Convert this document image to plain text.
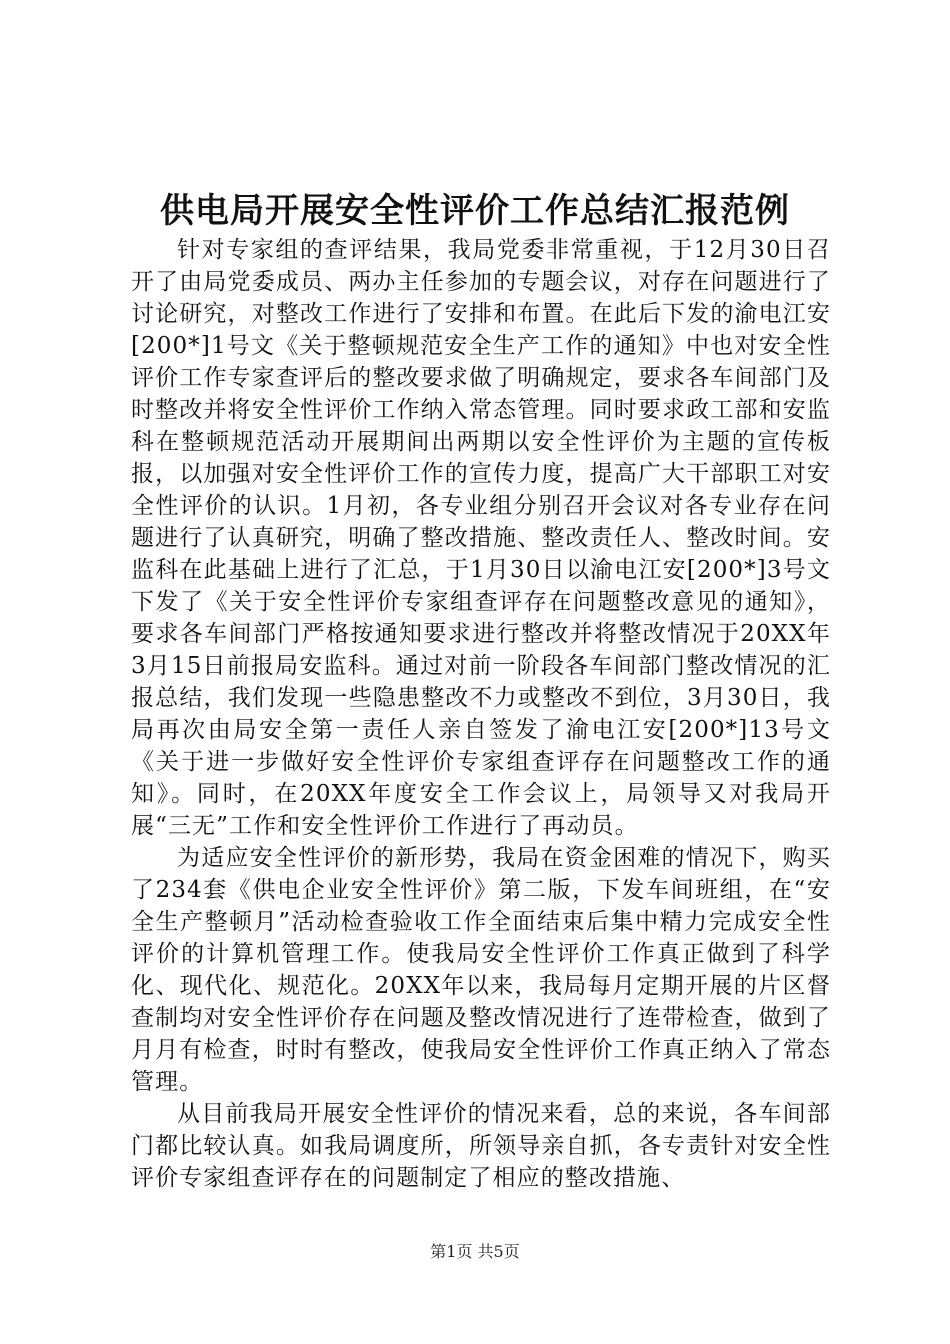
供电局开展安全性评价工作总结汇报范例

针对专家组的查评结果，我局党委非常重视，于12月30日召开了由局党委成员、两办主任参加的专题会议，对存在问题进行了讨论研究，对整改工作进行了安排和布置。在此后下发的渝电江安[200*]1号文《关于整顿规范安全生产工作的通知》中也对安全性评价工作专家查评后的整改要求做了明确规定，要求各车间部门及时整改并将安全性评价工作纳入常态管理。同时要求政工部和安监科在整顿规范活动开展期间出两期以安全性评价为主题的宣传板报，以加强对安全性评价工作的宣传力度，提高广大干部职工对安全性评价的认识。1月初，各专业组分别召开会议对各专业存在问题进行了认真研究，明确了整改措施、整改责任人、整改时间。安监科在此基础上进行了汇总，于1月30日以渝电江安[200*]3号文下发了《关于安全性评价专家组查评存在问题整改意见的通知》，要求各车间部门严格按通知要求进行整改并将整改情况于20XX年3月15日前报局安监科。通过对前一阶段各车间部门整改情况的汇报总结，我们发现一些隐患整改不力或整改不到位，3月30日，我局再次由局安全第一责任人亲自签发了渝电江安[200*]13号文《关于进一步做好安全性评价专家组查评存在问题整改工作的通知》。同时，在20XX年度安全工作会议上，局领导又对我局开展“三无”工作和安全性评价工作进行了再动员。

为适应安全性评价的新形势，我局在资金困难的情况下，购买了234套《供电企业安全性评价》第二版，下发车间班组，在“安全生产整顿月”活动检查验收工作全面结束后集中精力完成安全性评价的计算机管理工作。使我局安全性评价工作真正做到了科学化、现代化、规范化。20XX年以来，我局每月定期开展的片区督查制均对安全性评价存在问题及整改情况进行了连带检查，做到了月月有检查，时时有整改，使我局安全性评价工作真正纳入了常态管理。

从目前我局开展安全性评价的情况来看，总的来说，各车间部门都比较认真。如我局调度所，所领导亲自抓，各专责针对安全性评价专家组查评存在的问题制定了相应的整改措施、

第1页 共5页
